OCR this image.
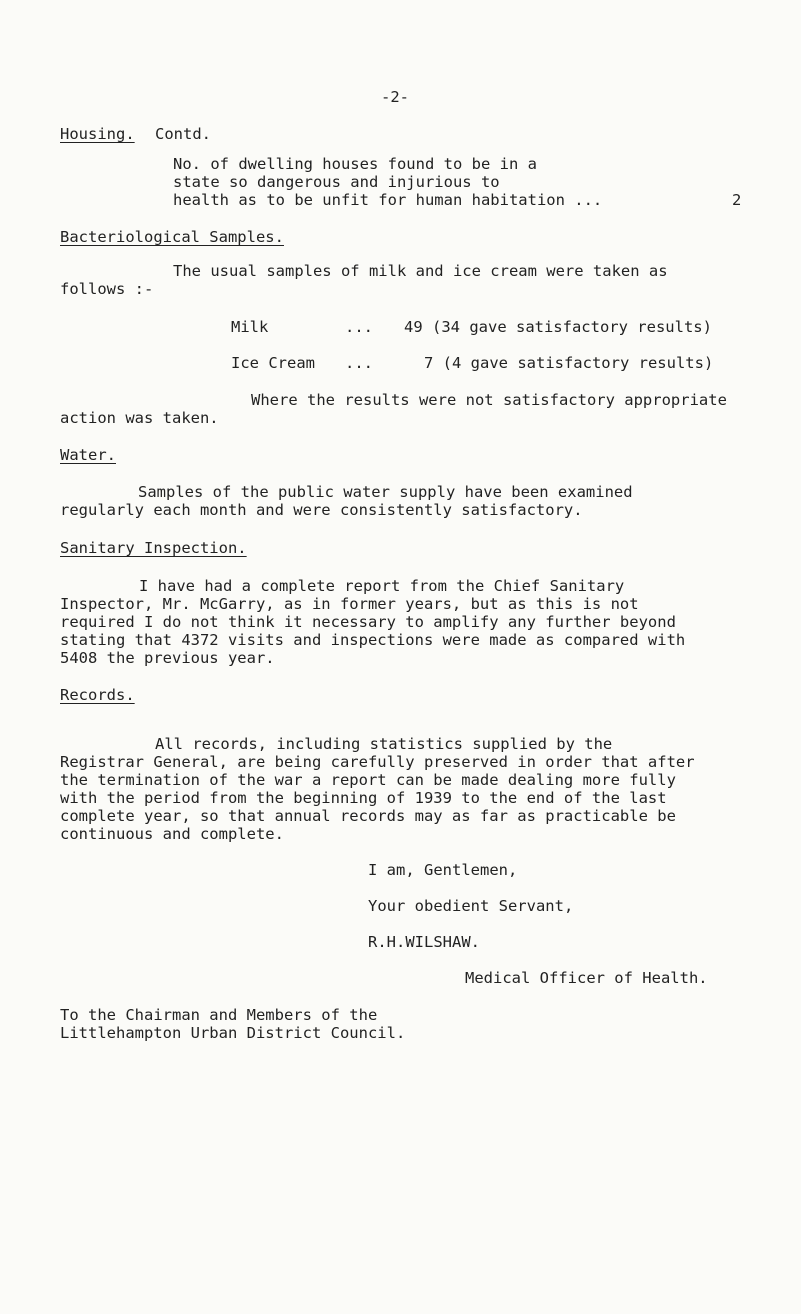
-2-
Housing. Contd.
No. of dwelling houses found to be in a
state so dangerous and injurious to
health as to be unfit for human habitation ...	2
Bacteriological Samples.
The usual samples of milk and ice cream were taken as
follows :-
Milk	... 49 (34 gave satisfactory results)
Ice Cream ...	7 (4 gave satisfactory results)
Where the results were not satisfactory appropriate
action was taken.
Water.
Samples of the public water supply have been examined
regularly each month and were consistently satisfactory.
Sanitary Inspection.
I have had a complete report from the Chief Sanitary
Inspector, Mr. McGarry, as in former years, but as this is not
required I do not think it necessary to amplify any further beyond
stating that 4372 visits and inspections were made as compared with
5408 the previous year.
Records.
All records, including statistics supplied by the
Registrar General, are being carefully preserved in order that after
the termination of the war a report can be made dealing more fully
with the period from the beginning of 1939 to the end of the last
complete year, so that annual records may as far as practicable be
continuous and complete.
I am, Gentlemen,
Your obedient Servant,
R.H.WILSHAW.
Medical Officer of Health.
To the Chairman and Members of the
Littlehampton Urban District Council.
